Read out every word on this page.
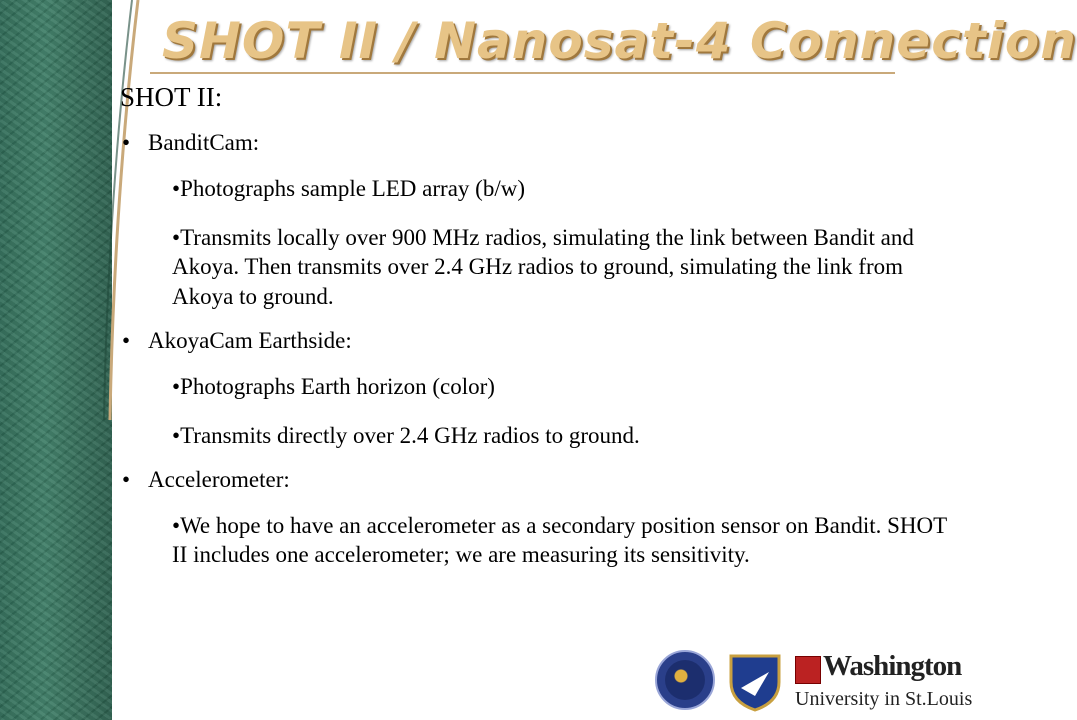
SHOT II / Nanosat-4 Connection
SHOT II:
• BanditCam:
•Photographs sample LED array (b/w)
•Transmits locally over 900 MHz radios, simulating the link between Bandit and Akoya. Then transmits over 2.4 GHz radios to ground, simulating the link from Akoya to ground.
• AkoyaCam Earthside:
•Photographs Earth horizon (color)
•Transmits directly over 2.4 GHz radios to ground.
• Accelerometer:
•We hope to have an accelerometer as a secondary position sensor on Bandit. SHOT II includes one accelerometer; we are measuring its sensitivity.
Washington
University in St.Louis
